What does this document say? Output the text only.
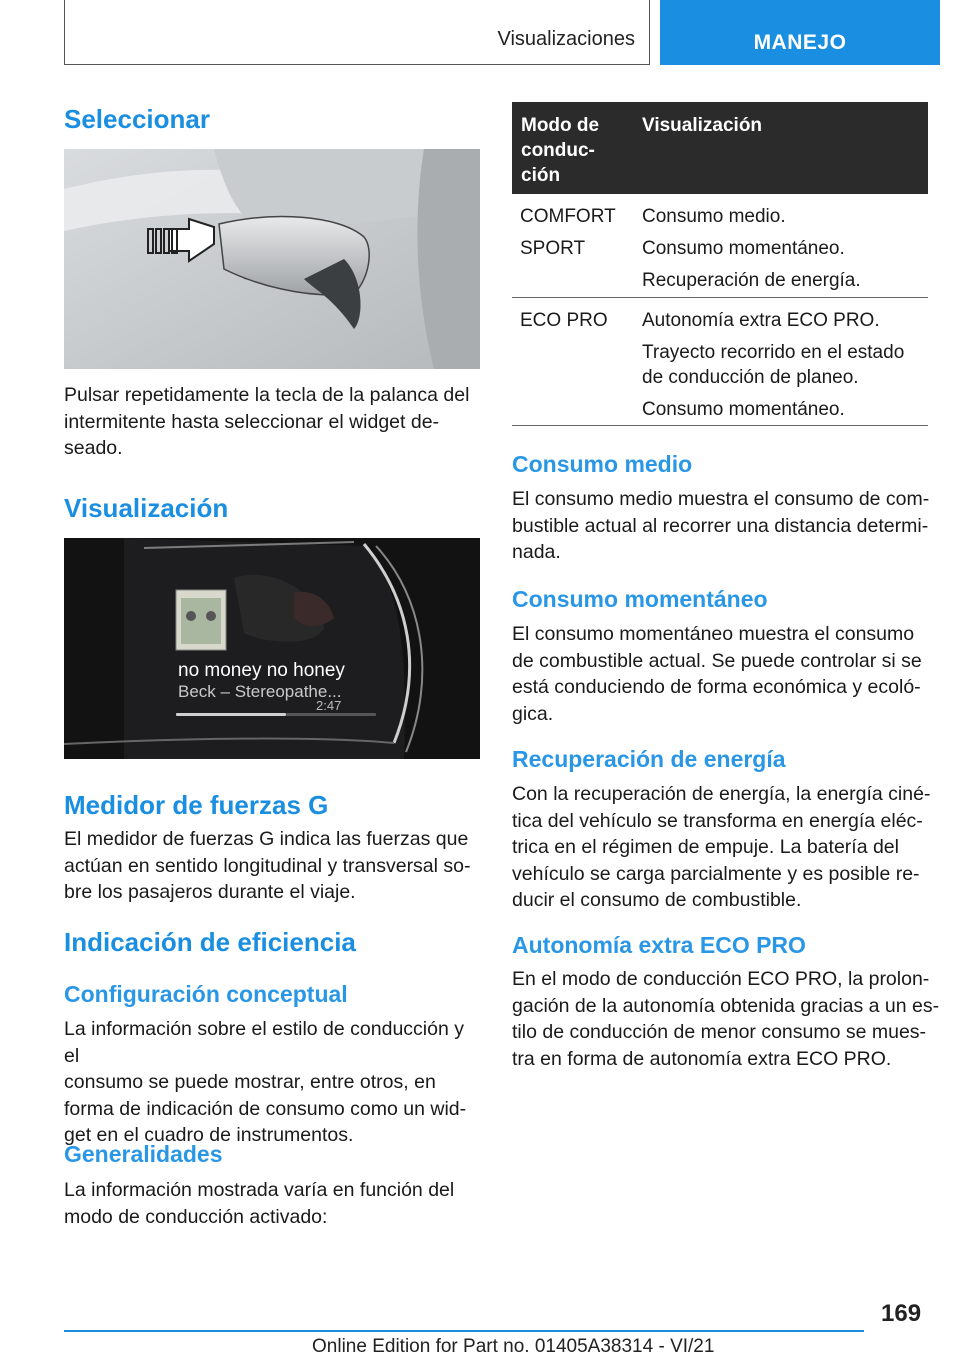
Visualizaciones	MANEJO
Seleccionar
Pulsar repetidamente la tecla de la palanca del
intermitente hasta seleccionar el widget de-
seado.
Visualización
no money no honey
Beck – Stereopathe...
2:47
Medidor de fuerzas G
El medidor de fuerzas G indica las fuerzas que
actúan en sentido longitudinal y transversal so-
bre los pasajeros durante el viaje.
Indicación de eficiencia
Configuración conceptual
La información sobre el estilo de conducción y el
consumo se puede mostrar, entre otros, en
forma de indicación de consumo como un wid-
get en el cuadro de instrumentos.
Generalidades
La información mostrada varía en función del
modo de conducción activado:
Modo de
conduc-
ción
Visualización
COMFORT
SPORT
Consumo medio.
Consumo momentáneo.
Recuperación de energía.
ECO PRO Autonomía extra ECO PRO.
Trayecto recorrido en el estado
de conducción de planeo.
Consumo momentáneo.
Consumo medio
El consumo medio muestra el consumo de com-
bustible actual al recorrer una distancia determi-
nada.
Consumo momentáneo
El consumo momentáneo muestra el consumo
de combustible actual. Se puede controlar si se
está conduciendo de forma económica y ecoló-
gica.
Recuperación de energía
Con la recuperación de energía, la energía ciné-
tica del vehículo se transforma en energía eléc-
trica en el régimen de empuje. La batería del
vehículo se carga parcialmente y es posible re-
ducir el consumo de combustible.
Autonomía extra ECO PRO
En el modo de conducción ECO PRO, la prolon-
gación de la autonomía obtenida gracias a un es-
tilo de conducción de menor consumo se mues-
tra en forma de autonomía extra ECO PRO.
169
Online Edition for Part no. 01405A38314 - VI/21
